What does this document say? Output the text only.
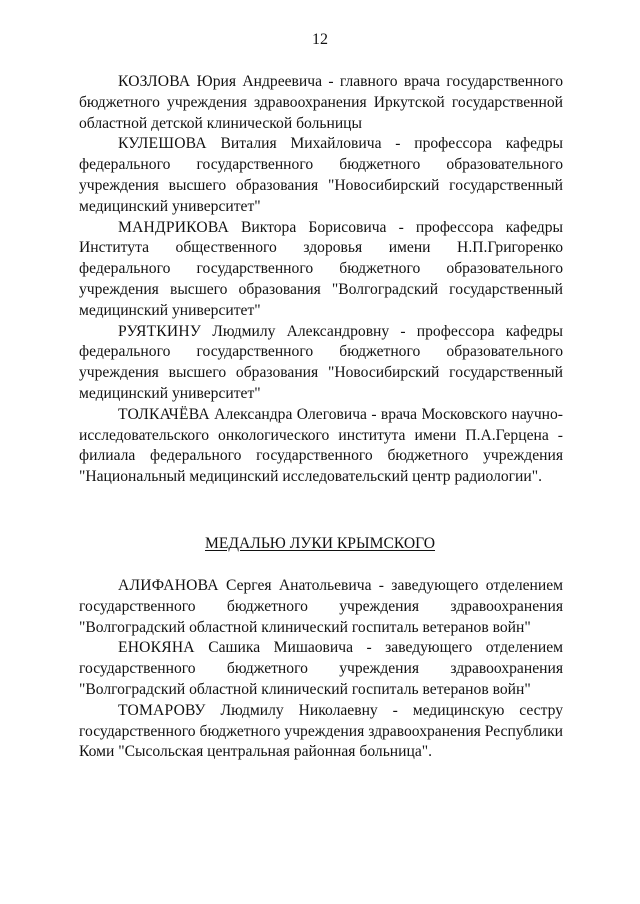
12

КОЗЛОВА Юрия Андреевича - главного врача государственного бюджетного учреждения здравоохранения Иркутской государственной областной детской клинической больницы

КУЛЕШОВА Виталия Михайловича - профессора кафедры федерального государственного бюджетного образовательного учреждения высшего образования "Новосибирский государственный медицинский университет"

МАНДРИКОВА Виктора Борисовича - профессора кафедры Института общественного здоровья имени Н.П.Григоренко федерального государственного бюджетного образовательного учреждения высшего образования "Волгоградский государственный медицинский университет"

РУЯТКИНУ Людмилу Александровну - профессора кафедры федерального государственного бюджетного образовательного учреждения высшего образования "Новосибирский государственный медицинский университет"

ТОЛКАЧЁВА Александра Олеговича - врача Московского научно-исследовательского онкологического института имени П.А.Герцена - филиала федерального государственного бюджетного учреждения "Национальный медицинский исследовательский центр радиологии".

МЕДАЛЬЮ ЛУКИ КРЫМСКОГО

АЛИФАНОВА Сергея Анатольевича - заведующего отделением государственного бюджетного учреждения здравоохранения "Волгоградский областной клинический госпиталь ветеранов войн"

ЕНОКЯНА Сашика Мишаовича - заведующего отделением государственного бюджетного учреждения здравоохранения "Волгоградский областной клинический госпиталь ветеранов войн"

ТОМАРОВУ Людмилу Николаевну - медицинскую сестру государственного бюджетного учреждения здравоохранения Республики Коми "Сысольская центральная районная больница".
